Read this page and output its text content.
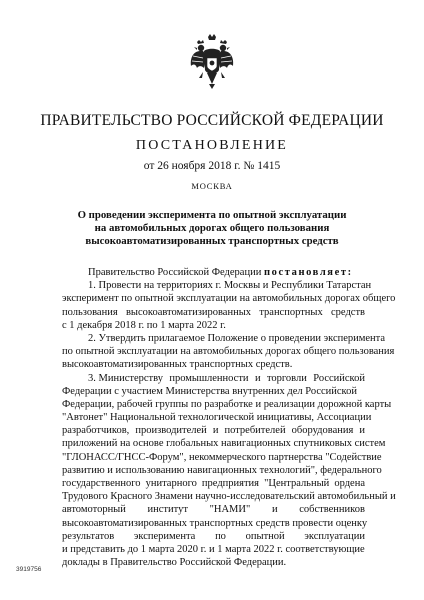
ПРАВИТЕЛЬСТВО РОССИЙСКОЙ ФЕДЕРАЦИИ
ПОСТАНОВЛЕНИЕ
от 26 ноября 2018 г. № 1415
МОСКВА
О проведении эксперимента по опытной эксплуатации
на автомобильных дорогах общего пользования
высокоавтоматизированных транспортных средств
Правительство Российской Федерации постановляет:
1. Провести на территориях г. Москвы и Республики Татарстан
эксперимент по опытной эксплуатации на автомобильных дорогах общего
пользования высокоавтоматизированных транспортных средств
с 1 декабря 2018 г. по 1 марта 2022 г.
2. Утвердить прилагаемое Положение о проведении эксперимента
по опытной эксплуатации на автомобильных дорогах общего пользования
высокоавтоматизированных транспортных средств.
3. Министерству промышленности и торговли Российской
Федерации с участием Министерства внутренних дел Российской
Федерации, рабочей группы по разработке и реализации дорожной карты
"Автонет" Национальной технологической инициативы, Ассоциации
разработчиков, производителей и потребителей оборудования и
приложений на основе глобальных навигационных спутниковых систем
"ГЛОНАСС/ГНСС-Форум", некоммерческого партнерства "Содействие
развитию и использованию навигационных технологий", федерального
государственного унитарного предприятия "Центральный ордена
Трудового Красного Знамени научно-исследовательский автомобильный и
автомоторный институт "НАМИ" и собственников
высокоавтоматизированных транспортных средств провести оценку
результатов эксперимента по опытной эксплуатации
и представить до 1 марта 2020 г. и 1 марта 2022 г. соответствующие
доклады в Правительство Российской Федерации.
3919756
